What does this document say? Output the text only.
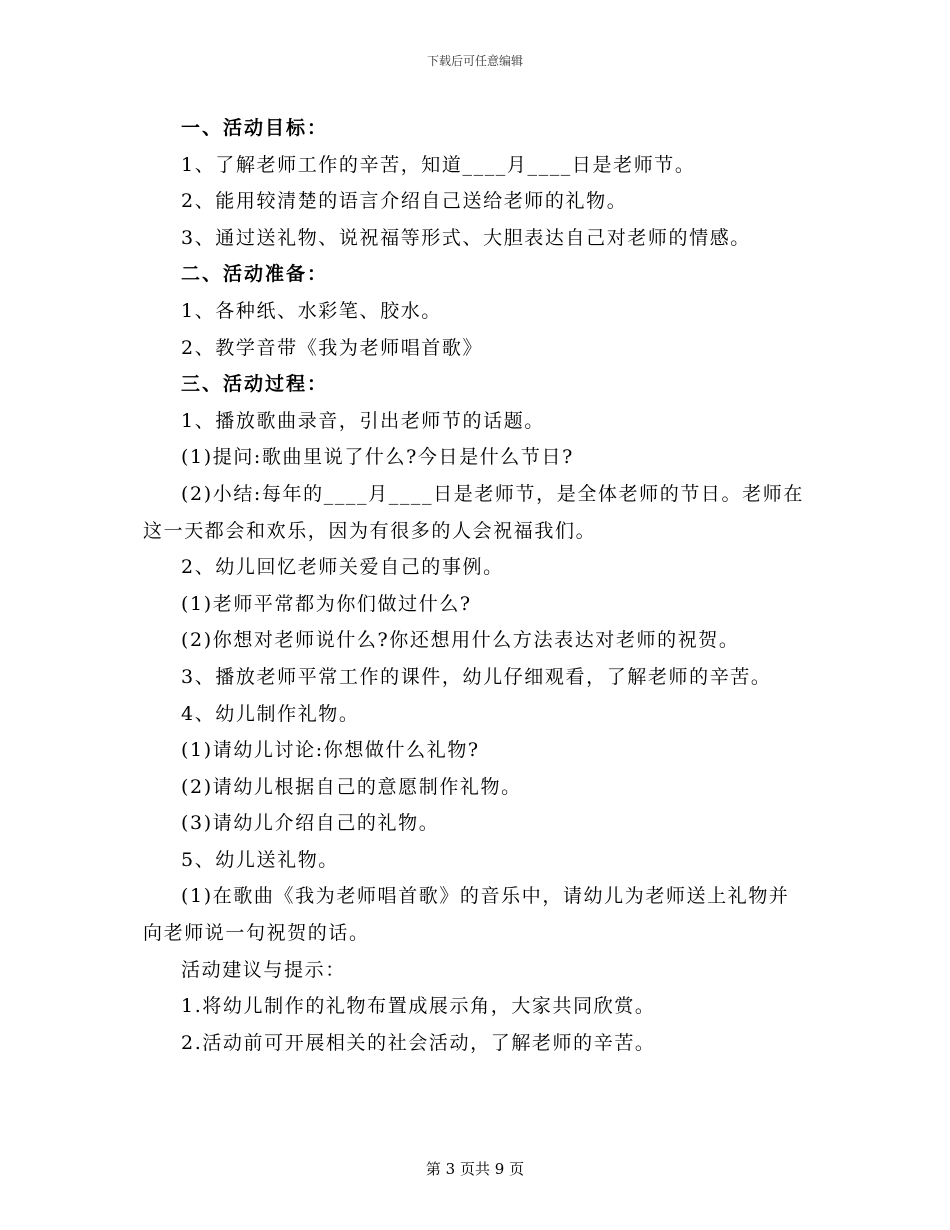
下载后可任意编辑

一、活动目标：

1、了解老师工作的辛苦，知道____月____日是老师节。

2、能用较清楚的语言介绍自己送给老师的礼物。

3、通过送礼物、说祝福等形式、大胆表达自己对老师的情感。

二、活动准备：

1、各种纸、水彩笔、胶水。

2、教学音带《我为老师唱首歌》

三、活动过程：

1、播放歌曲录音，引出老师节的话题。

(1)提问:歌曲里说了什么?今日是什么节日?

(2)小结:每年的____月____日是老师节，是全体老师的节日。老师在这一天都会和欢乐，因为有很多的人会祝福我们。

2、幼儿回忆老师关爱自己的事例。

(1)老师平常都为你们做过什么?

(2)你想对老师说什么?你还想用什么方法表达对老师的祝贺。

3、播放老师平常工作的课件，幼儿仔细观看，了解老师的辛苦。

4、幼儿制作礼物。

(1)请幼儿讨论:你想做什么礼物?

(2)请幼儿根据自己的意愿制作礼物。

(3)请幼儿介绍自己的礼物。

5、幼儿送礼物。

(1)在歌曲《我为老师唱首歌》的音乐中，请幼儿为老师送上礼物并向老师说一句祝贺的话。

活动建议与提示：

1.将幼儿制作的礼物布置成展示角，大家共同欣赏。

2.活动前可开展相关的社会活动，了解老师的辛苦。

第 3 页共 9 页
